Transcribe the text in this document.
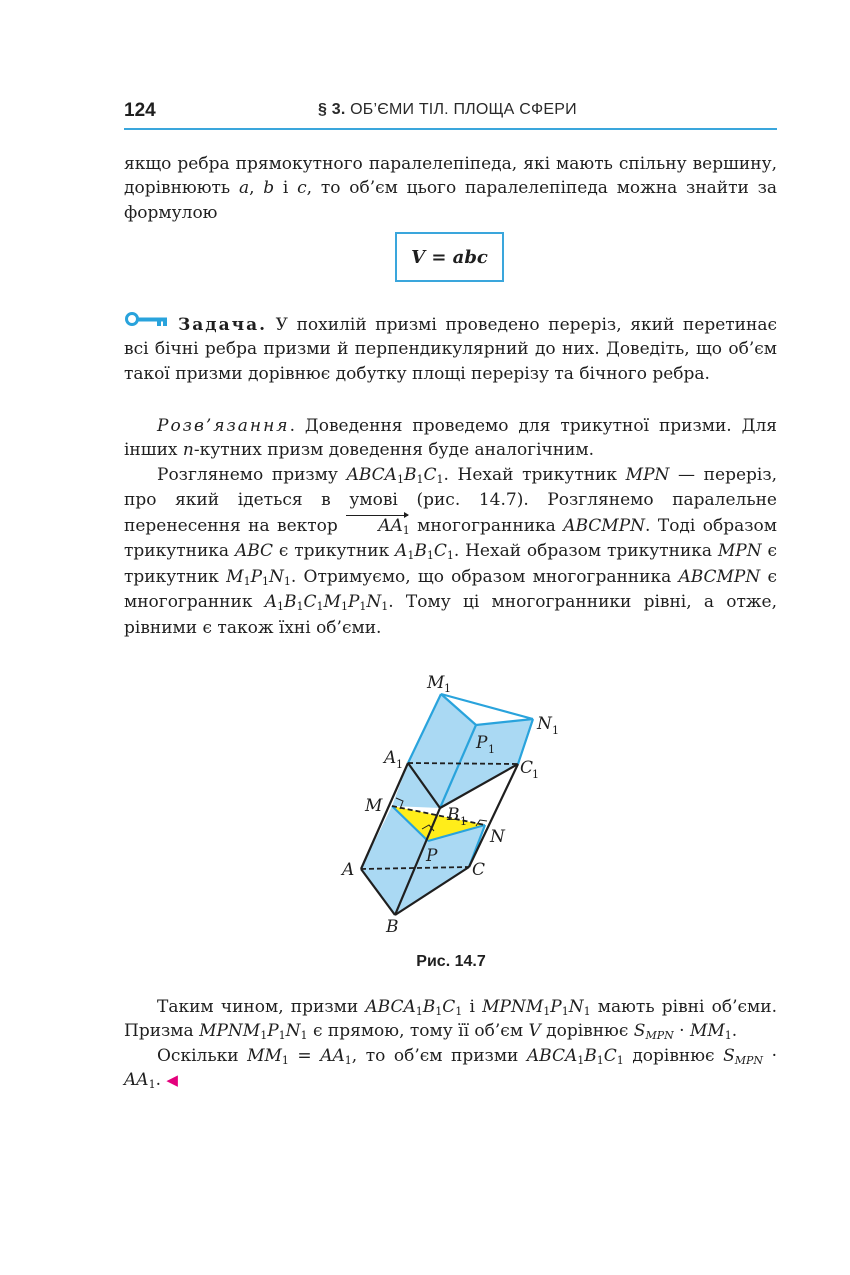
124	§ 3. ОБ’ЄМИ ТІЛ. ПЛОЩА СФЕРИ

якщо ребра прямокутного паралелепіпеда, які мають спільну вершину, дорівнюють a, b і c, то об’єм цього паралелепіпеда можна знайти за формулою

V = abc

Задача. У похилій призмі проведено переріз, який перетинає всі бічні ребра призми й перпендикулярний до них. Доведіть, що об’єм такої призми дорівнює добутку площі перерізу та бічного ребра.

Розв’язання. Доведення проведемо для трикутної призми. Для інших n-кутних призм доведення буде аналогічним.

Розглянемо призму $ABCA_1B_1C_1$. Нехай трикутник MPN — переріз, про який ідеться в умові (рис. 14.7). Розглянемо паралельне перенесення на вектор $AA_1$ многогранника ABCMPN. Тоді образом трикутника ABC є трикутник $A_1B_1C_1$. Нехай образом трикутника MPN є трикутник $M_1P_1N_1$. Отримуємо, що образом многогранника ABCMPN є многогранник $A_1B_1C_1M_1P_1N_1$. Тому ці многогранники рівні, а отже, рівними є також їхні об’єми.

M 1
N 1
P 1
A 1	C
1
M	B 1
N
P
A	C
B
Рис. 14.7

Таким чином, призми $ABCA_1B_1C_1$ і $MPNM_1P_1N_1$ мають рівні об’єми. Призма $MPNM_1P_1N_1$ є прямою, тому її об’єм V дорівнює $S_{MPN} \cdot MM_1$.

Оскільки $MM_1 = AA_1$, то об’єм призми $ABCA_1B_1C_1$ дорівнює $S_{MPN} \cdot AA_1$. ◀
